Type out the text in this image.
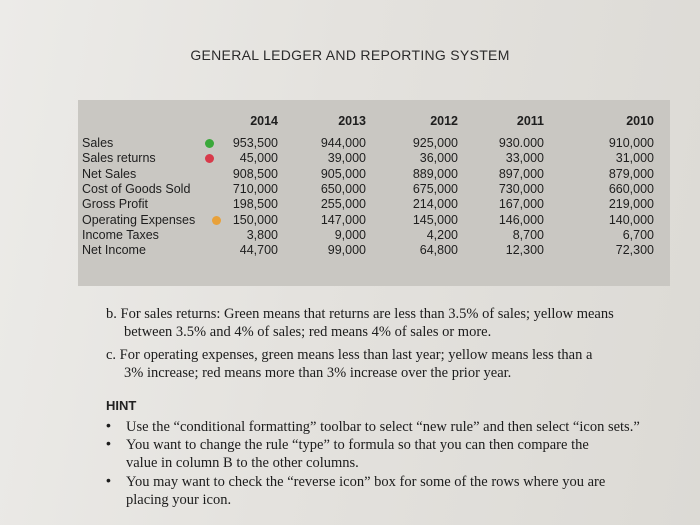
GENERAL LEDGER AND REPORTING SYSTEM
2014	2013	2012	2011	2010
Sales	953,500	944,000	925,000	930.000	910,000
Sales returns	45,000	39,000	36,000	33,000	31,000
Net Sales	908,500	905,000	889,000	897,000	879,000
Cost of Goods Sold	710,000	650,000	675,000	730,000	660,000
Gross Profit	198,500	255,000	214,000	167,000	219,000
Operating Expenses	150,000	147,000	145,000	146,000	140,000
Income Taxes	3,800	9,000	4,200	8,700	6,700
Net Income	44,700	99,000	64,800	12,300	72,300
b. For sales returns: Green means that returns are less than 3.5% of sales; yellow means
between 3.5% and 4% of sales; red means 4% of sales or more.
c. For operating expenses, green means less than last year; yellow means less than a
3% increase; red means more than 3% increase over the prior year.
HINT
• Use the “conditional formatting” toolbar to select “new rule” and then select “icon sets.”
• You want to change the rule “type” to formula so that you can then compare the
value in column B to the other columns.
• You may want to check the “reverse icon” box for some of the rows where you are
placing your icon.
